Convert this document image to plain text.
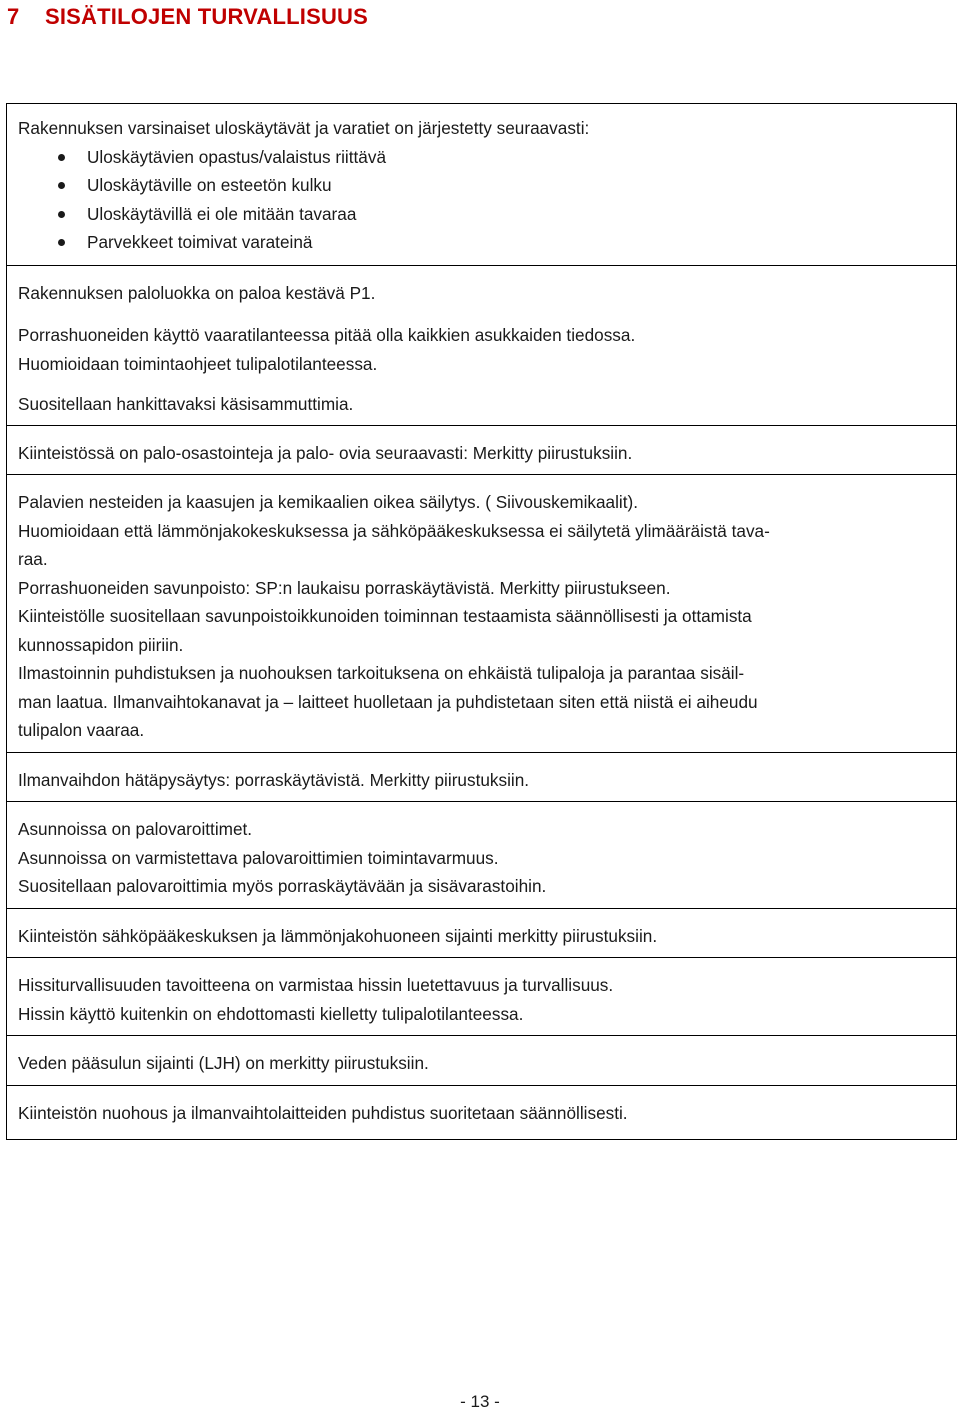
7 SISÄTILOJEN TURVALLISUUS

Rakennuksen varsinaiset uloskäytävät ja varatiet on järjestetty seuraavasti:

Uloskäytävien opastus/valaistus riittävä
Uloskäytäville on esteetön kulku
Uloskäytävillä ei ole mitään tavaraa
Parvekkeet toimivat varateinä

Rakennuksen paloluokka on paloa kestävä P1.

Porrashuoneiden käyttö vaaratilanteessa pitää olla kaikkien asukkaiden tiedossa.

Huomioidaan toimintaohjeet tulipalotilanteessa.

Suositellaan hankittavaksi käsisammuttimia.

Kiinteistössä on palo-osastointeja ja palo- ovia seuraavasti: Merkitty piirustuksiin.

Palavien nesteiden ja kaasujen ja kemikaalien oikea säilytys. ( Siivouskemikaalit).

Huomioidaan että lämmönjakokeskuksessa ja sähköpääkeskuksessa ei säilytetä ylimääräistä tava-

raa.

Porrashuoneiden savunpoisto: SP:n laukaisu porraskäytävistä. Merkitty piirustukseen.

Kiinteistölle suositellaan savunpoistoikkunoiden toiminnan testaamista säännöllisesti ja ottamista

kunnossapidon piiriin.

Ilmastoinnin puhdistuksen ja nuohouksen tarkoituksena on ehkäistä tulipaloja ja parantaa sisäil-

man laatua. Ilmanvaihtokanavat ja – laitteet huolletaan ja puhdistetaan siten että niistä ei aiheudu

tulipalon vaaraa.

Ilmanvaihdon hätäpysäytys: porraskäytävistä. Merkitty piirustuksiin.

Asunnoissa on palovaroittimet.

Asunnoissa on varmistettava palovaroittimien toimintavarmuus.

Suositellaan palovaroittimia myös porraskäytävään ja sisävarastoihin.

Kiinteistön sähköpääkeskuksen ja lämmönjakohuoneen sijainti merkitty piirustuksiin.

Hissiturvallisuuden tavoitteena on varmistaa hissin luetettavuus ja turvallisuus.

Hissin käyttö kuitenkin on ehdottomasti kielletty tulipalotilanteessa.

Veden pääsulun sijainti (LJH) on merkitty piirustuksiin.

Kiinteistön nuohous ja ilmanvaihtolaitteiden puhdistus suoritetaan säännöllisesti.

- 13 -
